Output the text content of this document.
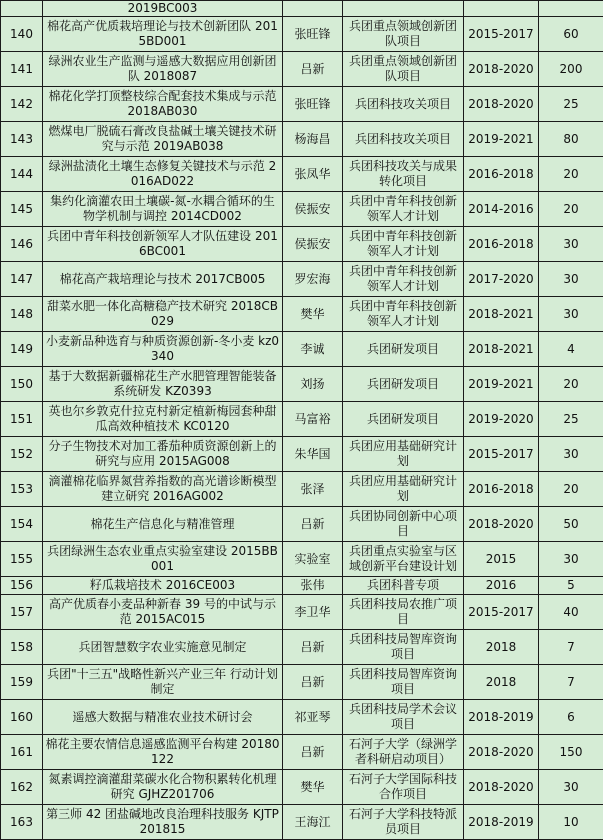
	2019BC003				
140	棉花高产优质栽培理论与技术创新团队 2015BD001	张旺锋	兵团重点领域创新团队项目	2015-2017	60
141	绿洲农业生产监测与遥感大数据应用创新团队 2018087	吕新	兵团重点领域创新团队项目	2018-2020	200
142	棉花化学打顶整枝综合配套技术集成与示范 2018AB030	张旺锋	兵团科技攻关项目	2018-2020	25
143	燃煤电厂脱硫石膏改良盐碱土壤关键技术研究与示范 2019AB038	杨海昌	兵团科技攻关项目	2019-2021	80
144	绿洲盐渍化土壤生态修复关键技术与示范 2016AD022	张凤华	兵团科技攻关与成果转化项目	2016-2018	20
145	集约化滴灌农田土壤碳-氮-水耦合循环的生物学机制与调控 2014CD002	侯振安	兵团中青年科技创新领军人才计划	2014-2016	20
146	兵团中青年科技创新领军人才队伍建设 2016BC001	侯振安	兵团中青年科技创新领军人才计划	2016-2018	30
147	棉花高产栽培理论与技术 2017CB005	罗宏海	兵团中青年科技创新领军人才计划	2017-2020	30
148	甜菜水肥一体化高糖稳产技术研究 2018CB029	樊华	兵团中青年科技创新领军人才计划	2018-2021	30
149	小麦新品种选育与种质资源创新-冬小麦 kz0340	李诚	兵团研发项目	2018-2021	4
150	基于大数据新疆棉花生产水肥管理智能装备系统研发 KZ0393	刘扬	兵团研发项目	2019-2021	20
151	英也尔乡敦克什拉克村新定植新梅园套种甜瓜高效种植技术 KC0120	马富裕	兵团研发项目	2019-2020	25
152	分子生物技术对加工番茄种质资源创新上的研究与应用 2015AG008	朱华国	兵团应用基础研究计划	2015-2017	30
153	滴灌棉花临界氮营养指数的高光谱诊断模型建立研究 2016AG002	张泽	兵团应用基础研究计划	2016-2018	20
154	棉花生产信息化与精准管理	吕新	兵团协同创新中心项目	2018-2020	50
155	兵团绿洲生态农业重点实验室建设 2015BB001	实验室	兵团重点实验室与区域创新平台建设计划	2015	30
156	籽瓜栽培技术 2016CE003	张伟	兵团科普专项	2016	5
157	高产优质春小麦品种新春 39 号的中试与示范 2015AC015	李卫华	兵团科技局农推广项目	2015-2017	40
158	兵团智慧数字农业实施意见制定	吕新	兵团科技局智库资询项目	2018	7
159	兵团"十三五"战略性新兴产业三年 行动计划制定	吕新	兵团科技局智库资询项目	2018	7
160	遥感大数据与精准农业技术研讨会	祁亚琴	兵团科技局学术会议项目	2018-2019	6
161	棉花主要农情信息遥感监测平台构建 20180122	吕新	石河子大学（绿洲学者科研启动项目）	2018-2020	150
162	氮素调控滴灌甜菜碳水化合物积累转化机理研究 GJHZ201706	樊华	石河子大学国际科技合作项目	2018-2020	30
163	第三师 42 团盐碱地改良治理科技服务 KJTP201815	王海江	石河子大学科技特派员项目	2018-2019	10
